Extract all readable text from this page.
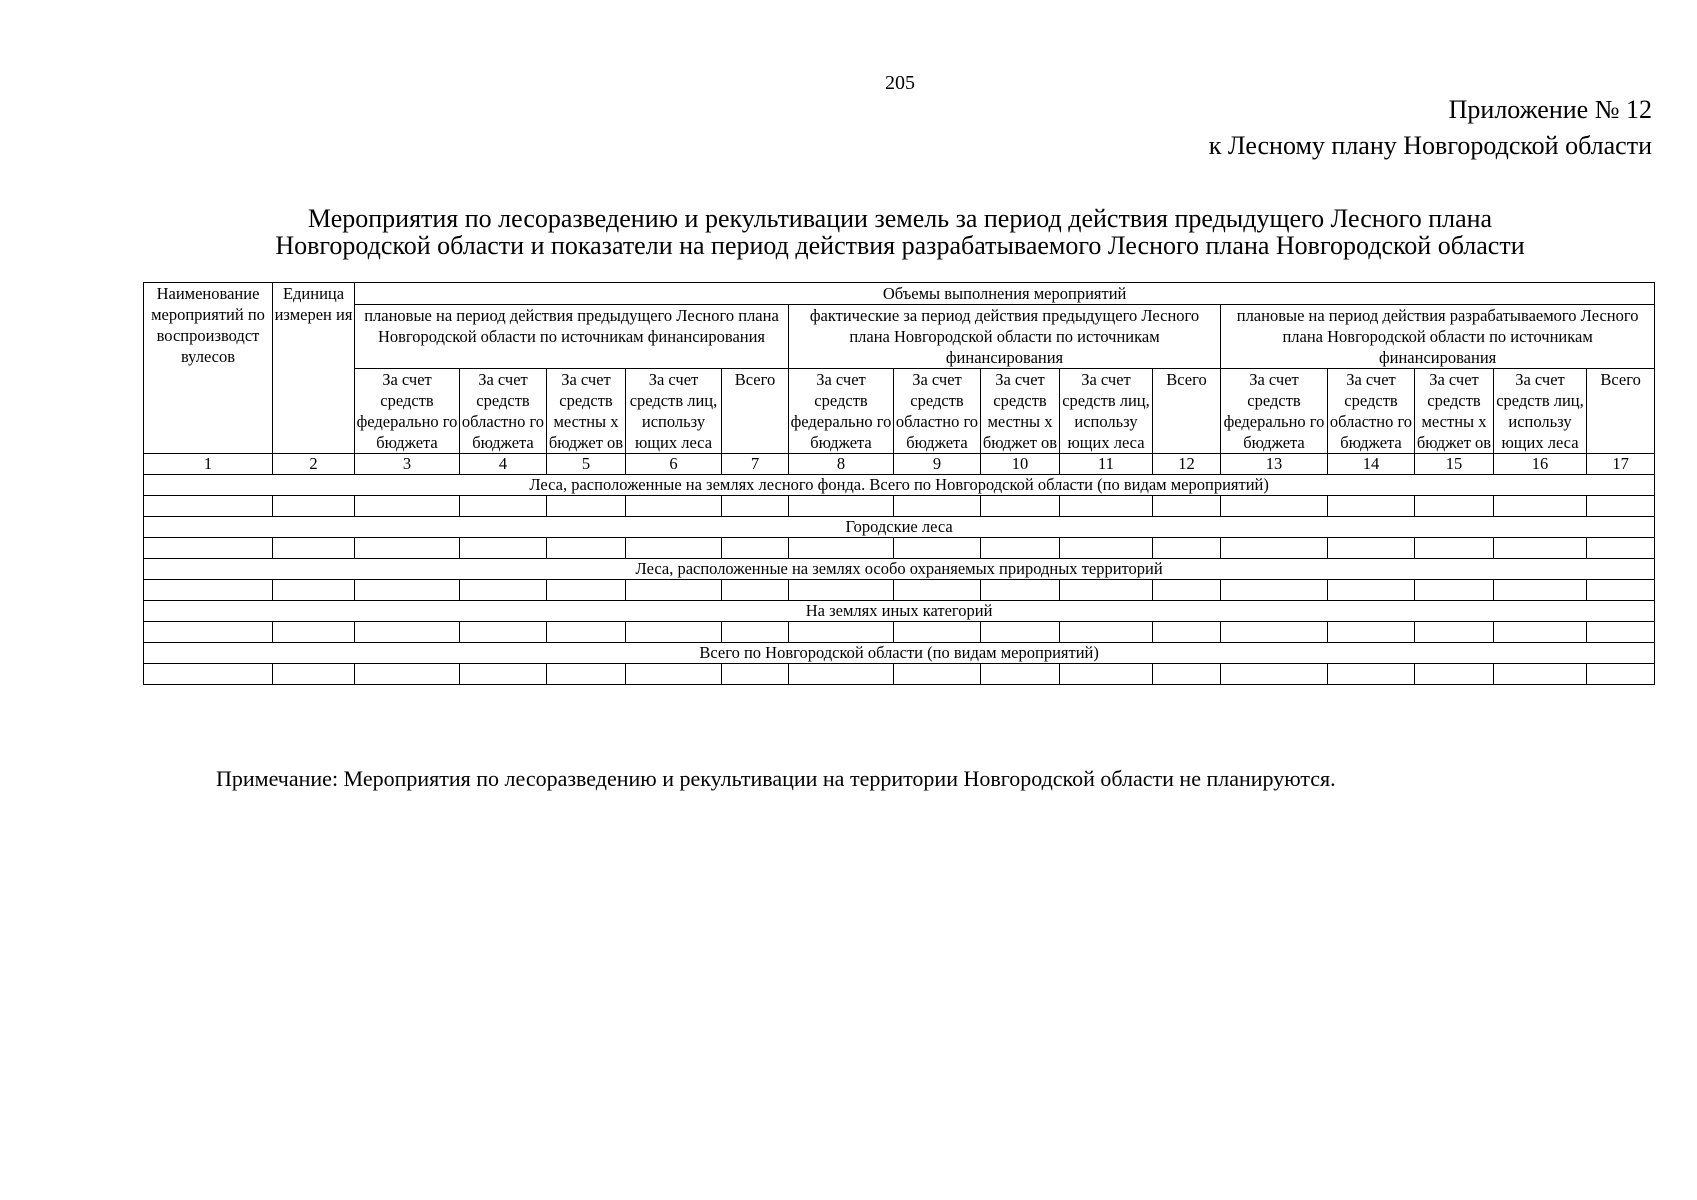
205
Приложение № 12
к Лесному плану Новгородской области
Мероприятия по лесоразведению и рекультивации земель за период действия предыдущего Лесного плана
Новгородской области и показатели на период действия разрабатываемого Лесного плана Новгородской области
Наименование мероприятий по воспроизводст вулесов	Единица измерен ия	Объемы выполнения мероприятий														
		плановые на период действия предыдущего Лесного плана Новгородской области по источникам финансирования					фактические за период действия предыдущего Лесного плана Новгородской области по источникам финансирования					плановые на период действия разрабатываемого Лесного плана Новгородской области по источникам финансирования				
		За счет средств федерально го бюджета	За счет средств областно го бюджета	За счет средств местны х бюджет ов	За счет средств лиц, использу ющих леса	Всего	За счет средств федерально го бюджета	За счет средств областно го бюджета	За счет средств местны х бюджет ов	За счет средств лиц, использу ющих леса	Всего	За счет средств федерально го бюджета	За счет средств областно го бюджета	За счет средств местны х бюджет ов	За счет средств лиц, использу ющих леса	Всего
1	2	3	4	5	6	7	8	9	10	11	12	13	14	15	16	17
Леса, расположенные на землях лесного фонда. Всего по Новгородской области (по видам мероприятий)																

Городские леса																

Леса, расположенные на землях особо охраняемых природных территорий																

На землях иных категорий																

Всего по Новгородской области (по видам мероприятий)																

Примечание: Мероприятия по лесоразведению и рекультивации на территории Новгородской области не планируются.
